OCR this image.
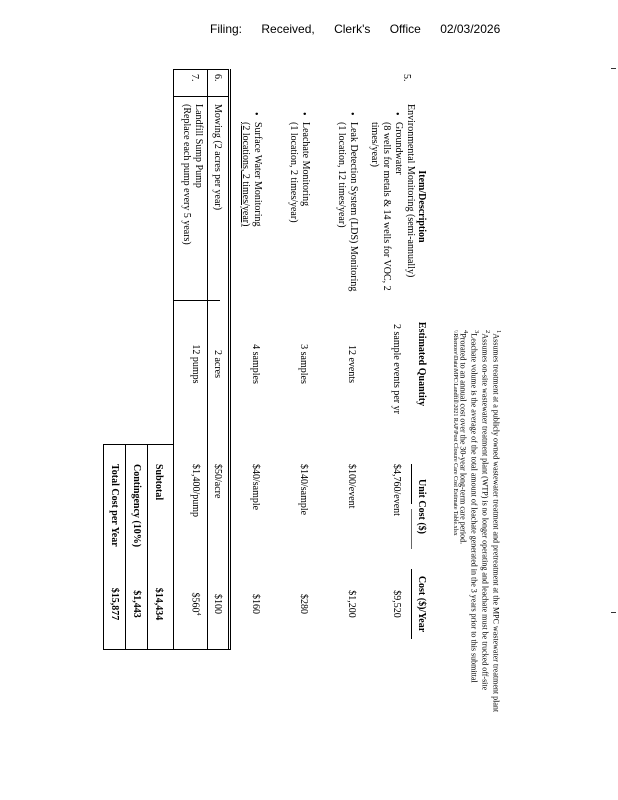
Filing: Received, Clerk's Office 02/03/2026
Item/Description
Estimated Quantity
Unit Cost ($)
Cost ($)/Year
5.
Environmental Monitoring (semi-annually)
•
Groundwater
(8 wells for metals & 14 wells for VOC, 2
times/year)
2 sample events per yr
$4,760/event
$9,520
•
Leak Detection System (LDS) Monitoring
(1 location, 12 times/year)
12 events
$100/event
$1,200
•
Leachate Monitoring
(1 location, 2 times/year)
3 samples
$140/sample
$280
•
Surface Water Monitoring
(2 locations, 2 times/year)
4 samples
$40/sample
$160
6.
Mowing (2 acres per year)
2 acres
$50/acre
$100
7.
Landfill Sump Pump
(Replace each pump every 5 years)
12 pumps
$1,400/pump
$\$560^4$
Subtotal
$14,434
Contingency (10%)
$1,443
Total Cost per Year
$15,877
$^1$Assumes treatment at a publicly owned wastewater treatment and pretreatment at the MPC wastewater treatment plant
$^2$Assumes on-site wastewater treatment plant (WTP) is no longer operating and leachate must be trucked off-site
$^3$Leachate volume is the average of the total amount of leachate generated in the 3 years prior to this submittal
$^4$Prorated to an annual cost over the 30-year long-term care period.
\\Rhenosv\Data\MPC\Landfill\2021 RAP\Post Closure Care Cost Estimate Table.xlsx
